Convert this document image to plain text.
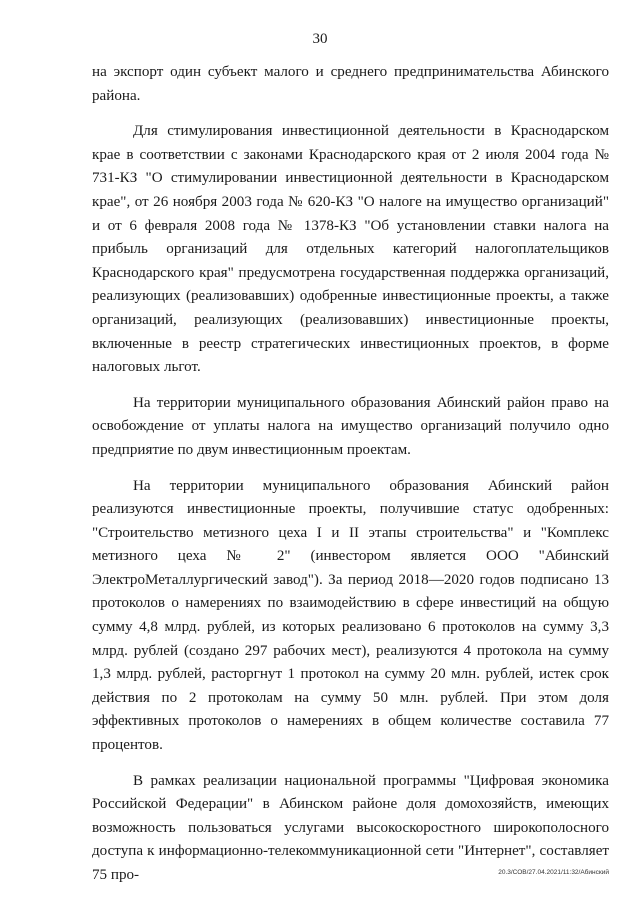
30

на экспорт один субъект малого и среднего предпринимательства Абинского района.

Для стимулирования инвестиционной деятельности в Краснодарском крае в соответствии с законами Краснодарского края от 2 июля 2004 года № 731-КЗ "О стимулировании инвестиционной деятельности в Краснодарском крае", от 26 ноября 2003 года № 620-КЗ "О налоге на имущество организаций" и от 6 февраля 2008 года № 1378-КЗ "Об установлении ставки налога на прибыль организаций для отдельных категорий налогоплательщиков Краснодарского края" предусмотрена государственная поддержка организаций, реализующих (реализовавших) одобренные инвестиционные проекты, а также организаций, реализующих (реализовавших) инвестиционные проекты, включенные в реестр стратегических инвестиционных проектов, в форме налоговых льгот.

На территории муниципального образования Абинский район право на освобождение от уплаты налога на имущество организаций получило одно предприятие по двум инвестиционным проектам.

На территории муниципального образования Абинский район реализуются инвестиционные проекты, получившие статус одобренных: "Строительство метизного цеха I и II этапы строительства" и "Комплекс метизного цеха № 2" (инвестором является ООО "Абинский ЭлектроМеталлургический завод"). За период 2018—2020 годов подписано 13 протоколов о намерениях по взаимодействию в сфере инвестиций на общую сумму 4,8 млрд. рублей, из которых реализовано 6 протоколов на сумму 3,3 млрд. рублей (создано 297 рабочих мест), реализуются 4 протокола на сумму 1,3 млрд. рублей, расторгнут 1 протокол на сумму 20 млн. рублей, истек срок действия по 2 протоколам на сумму 50 млн. рублей. При этом доля эффективных протоколов о намерениях в общем количестве составила 77 процентов.

В рамках реализации национальной программы "Цифровая экономика Российской Федерации" в Абинском районе доля домохозяйств, имеющих возможность пользоваться услугами высокоскоростного широкополосного доступа к информационно-телекоммуникационной сети "Интернет", составляет 75 про-	20.3/СОВ/27.04.2021/11:32/Абинский
